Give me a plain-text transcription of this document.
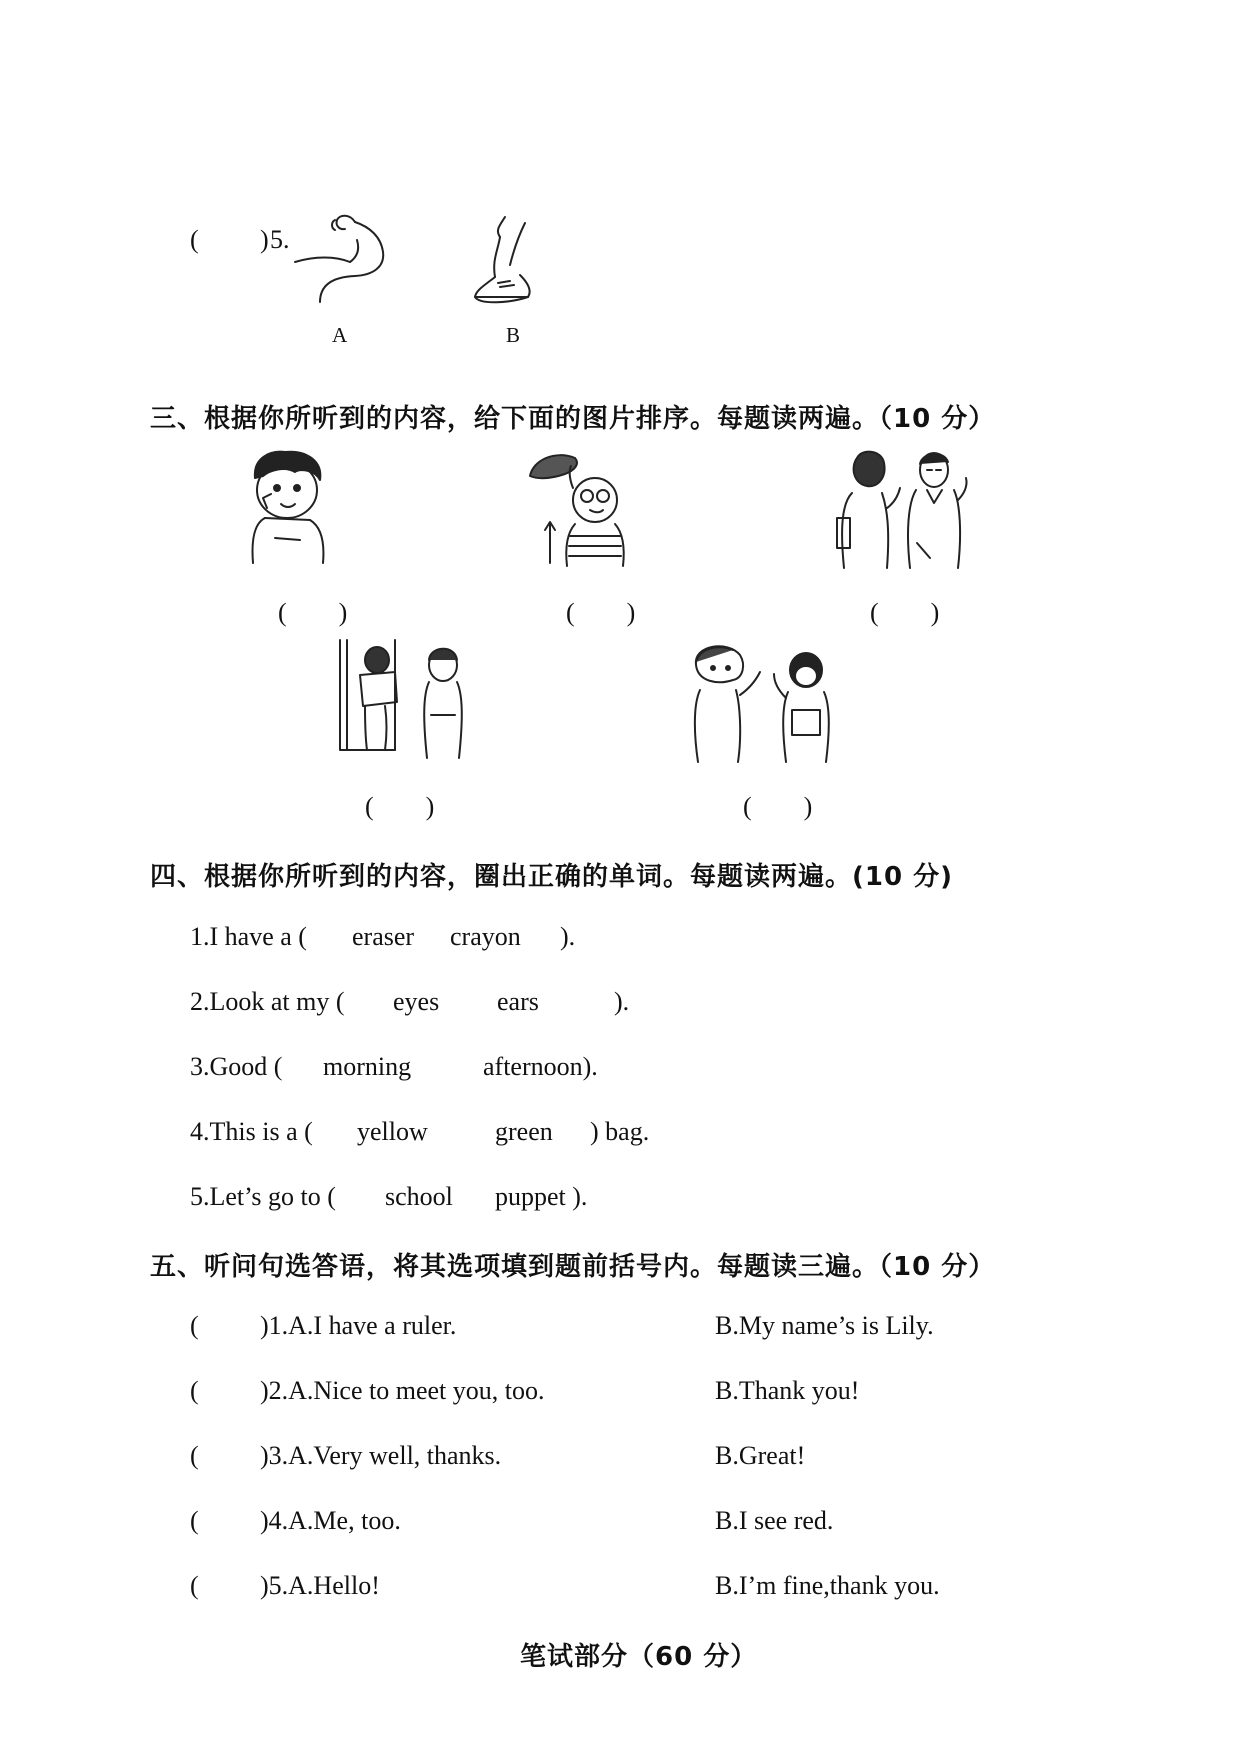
( ) 5.
A	B
三、根据你所听到的内容，给下面的图片排序。每题读两遍。（10 分）
(　　)	(　　)	(　　)
(　　)	(　　)
四、根据你所听到的内容，圈出正确的单词。每题读两遍。(10 分)
1.I have a ( eraser crayon ).
2.Look at my ( eyes ears	).
3.Good ( morning	afternoon).
4.This is a ( yellow	green ) bag.
5.Let’s go to ( school puppet ).
五、听问句选答语，将其选项填到题前括号内。每题读三遍。（10 分）
( )1.A.I have a ruler.	B.My name’s is Lily.
( )2.A.Nice to meet you, too.	B.Thank you!
( )3.A.Very well, thanks.	B.Great!
( )4.A.Me, too.	B.I see red.
( )5.A.Hello!	B.I’m fine,thank you.
笔试部分（60 分）
